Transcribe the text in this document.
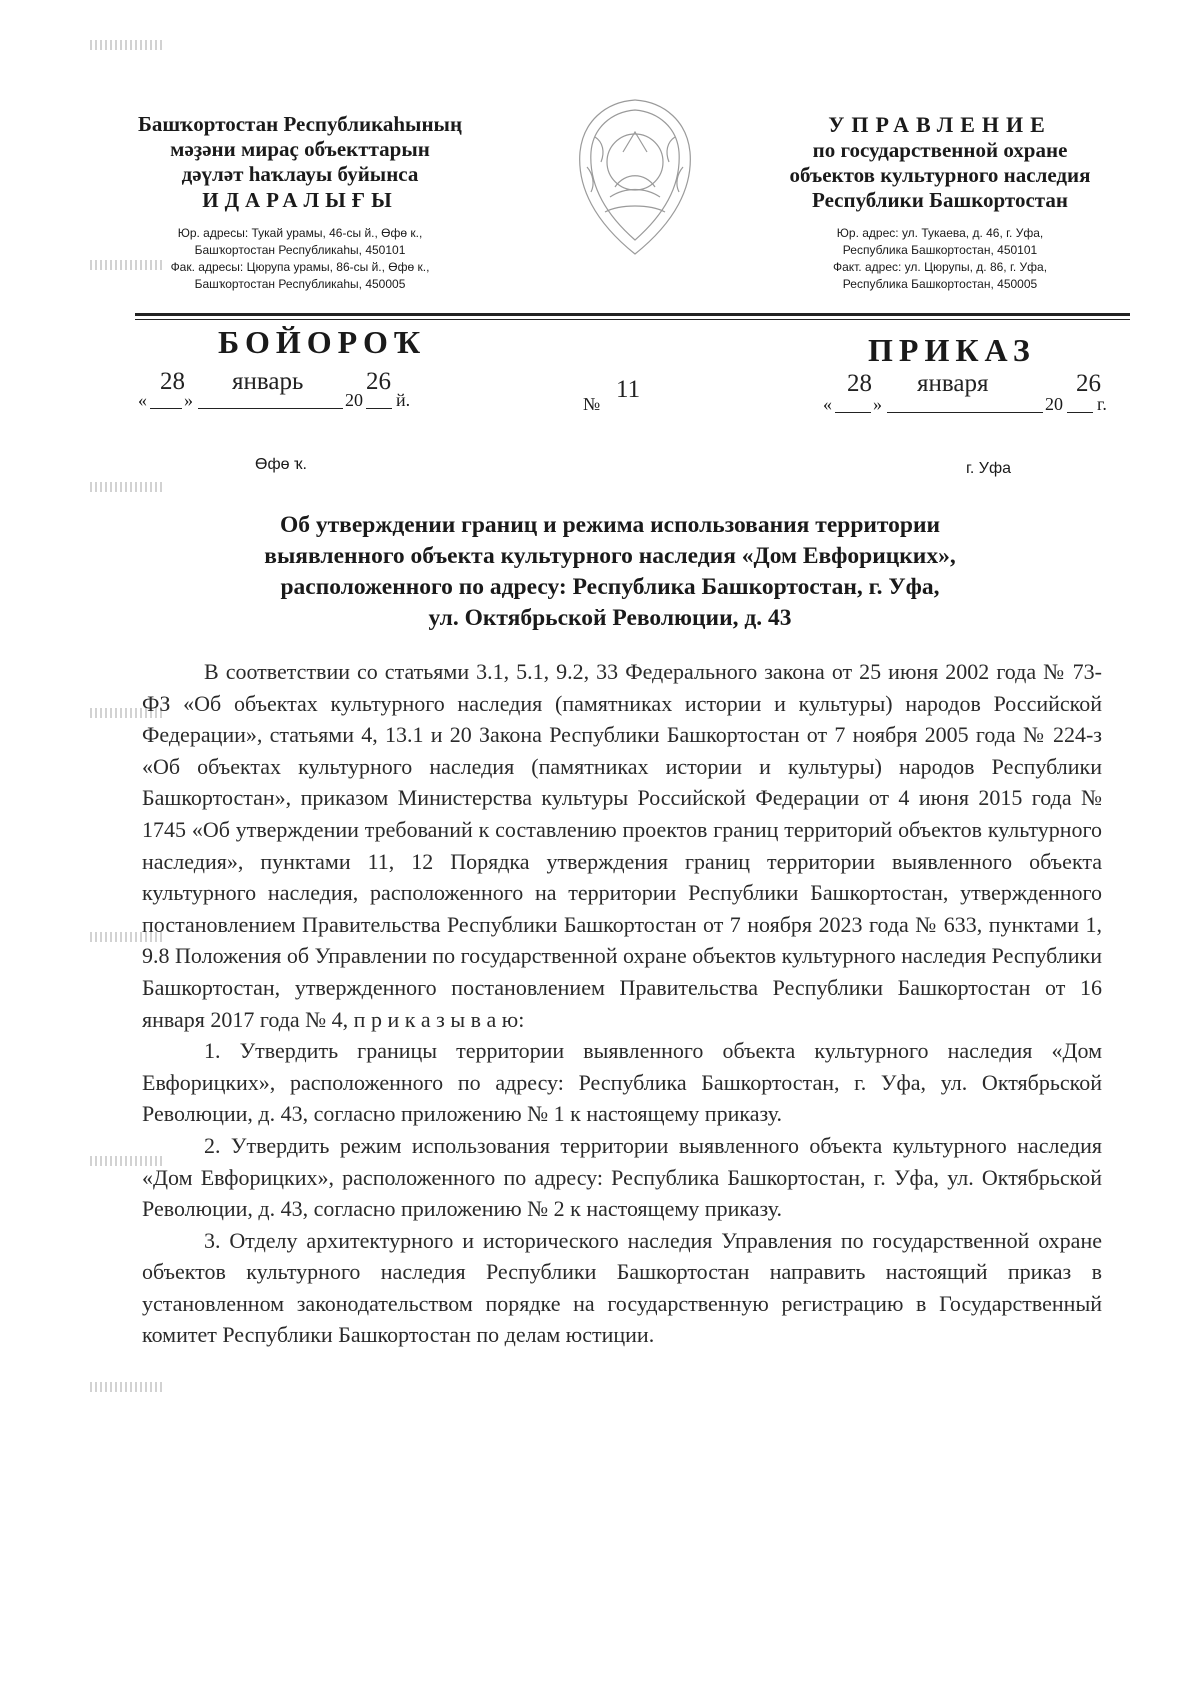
Башҡортостан Республикаһының
мәҙәни мираҫ объекттарын
дәүләт һаҡлауы буйынса
ИДАРАЛЫҒЫ
Юр. адресы: Тукай урамы, 46-сы й., Өфө к.,
Башҡортостан Республикаһы, 450101
Фак. адресы: Цюрупа урамы, 86-сы й., Өфө к.,
Башҡортостан Республикаһы, 450005
УПРАВЛЕНИЕ
по государственной охране
объектов культурного наследия
Республики Башкортостан
Юр. адрес: ул. Тукаева, д. 46, г. Уфа,
Республика Башкортостан, 450101
Факт. адрес: ул. Цюрупы, д. 86, г. Уфа,
Республика Башкортостан, 450005
БОЙОРОҠ	ПРИКАЗ
«
28
»
январь
20
26
й.	№
11
«
28
»
января
20
26
г.
Өфө ҡ.	г. Уфа
Об утверждении границ и режима использования территории
выявленного объекта культурного наследия «Дом Евфорицких»,
расположенного по адресу: Республика Башкортостан, г. Уфа,
ул. Октябрьской Революции, д. 43

В соответствии со статьями 3.1, 5.1, 9.2, 33 Федерального закона от 25 июня 2002 года № 73-ФЗ «Об объектах культурного наследия (памятниках истории и культуры) народов Российской Федерации», статьями 4, 13.1 и 20 Закона Республики Башкортостан от 7 ноября 2005 года № 224-з «Об объектах культурного наследия (памятниках истории и культуры) народов Республики Башкортостан», приказом Министерства культуры Российской Федерации от 4 июня 2015 года № 1745 «Об утверждении требований к составлению проектов границ территорий объектов культурного наследия», пунктами 11, 12 Порядка утверждения границ территории выявленного объекта культурного наследия, расположенного на территории Республики Башкортостан, утвержденного постановлением Правительства Республики Башкортостан от 7 ноября 2023 года № 633, пунктами 1, 9.8 Положения об Управлении по государственной охране объектов культурного наследия Республики Башкортостан, утвержденного постановлением Правительства Республики Башкортостан от 16 января 2017 года № 4, п р и к а з ы в а ю:

1. Утвердить границы территории выявленного объекта культурного наследия «Дом Евфорицких», расположенного по адресу: Республика Башкортостан, г. Уфа, ул. Октябрьской Революции, д. 43, согласно приложению № 1 к настоящему приказу.

2. Утвердить режим использования территории выявленного объекта культурного наследия «Дом Евфорицких», расположенного по адресу: Республика Башкортостан, г. Уфа, ул. Октябрьской Революции, д. 43, согласно приложению № 2 к настоящему приказу.

3. Отделу архитектурного и исторического наследия Управления по государственной охране объектов культурного наследия Республики Башкортостан направить настоящий приказ в установленном законодательством порядке на государственную регистрацию в Государственный комитет Республики Башкортостан по делам юстиции.
